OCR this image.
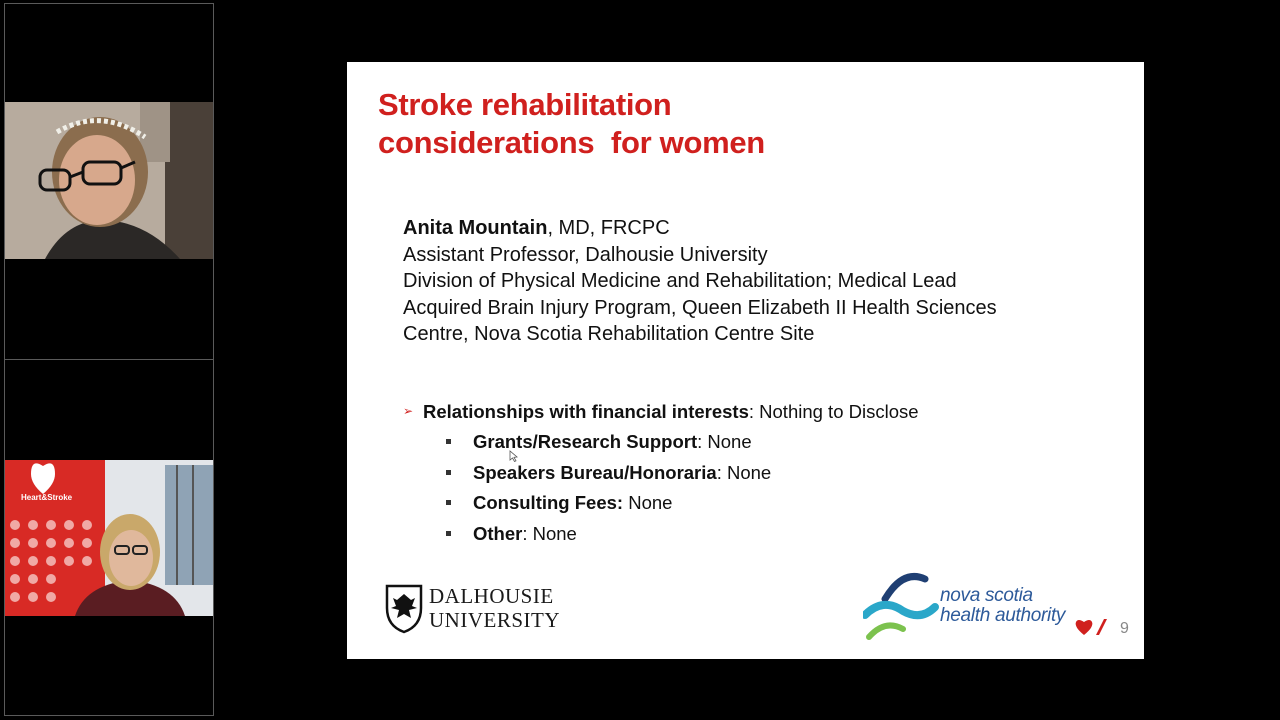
Heart&Stroke
Stroke rehabilitation
considerations  for women
Anita Mountain, MD, FRCPC
Assistant Professor, Dalhousie University
Division of Physical Medicine and Rehabilitation; Medical Lead
Acquired Brain Injury Program, Queen Elizabeth II Health Sciences
Centre, Nova Scotia Rehabilitation Centre Site
➢ Relationships with financial interests: Nothing to Disclose
Grants/Research Support: None
Speakers Bureau/Honoraria: None
Consulting Fees: None
Other: None
DALHOUSIE
UNIVERSITY
nova scotia
health authority
9
